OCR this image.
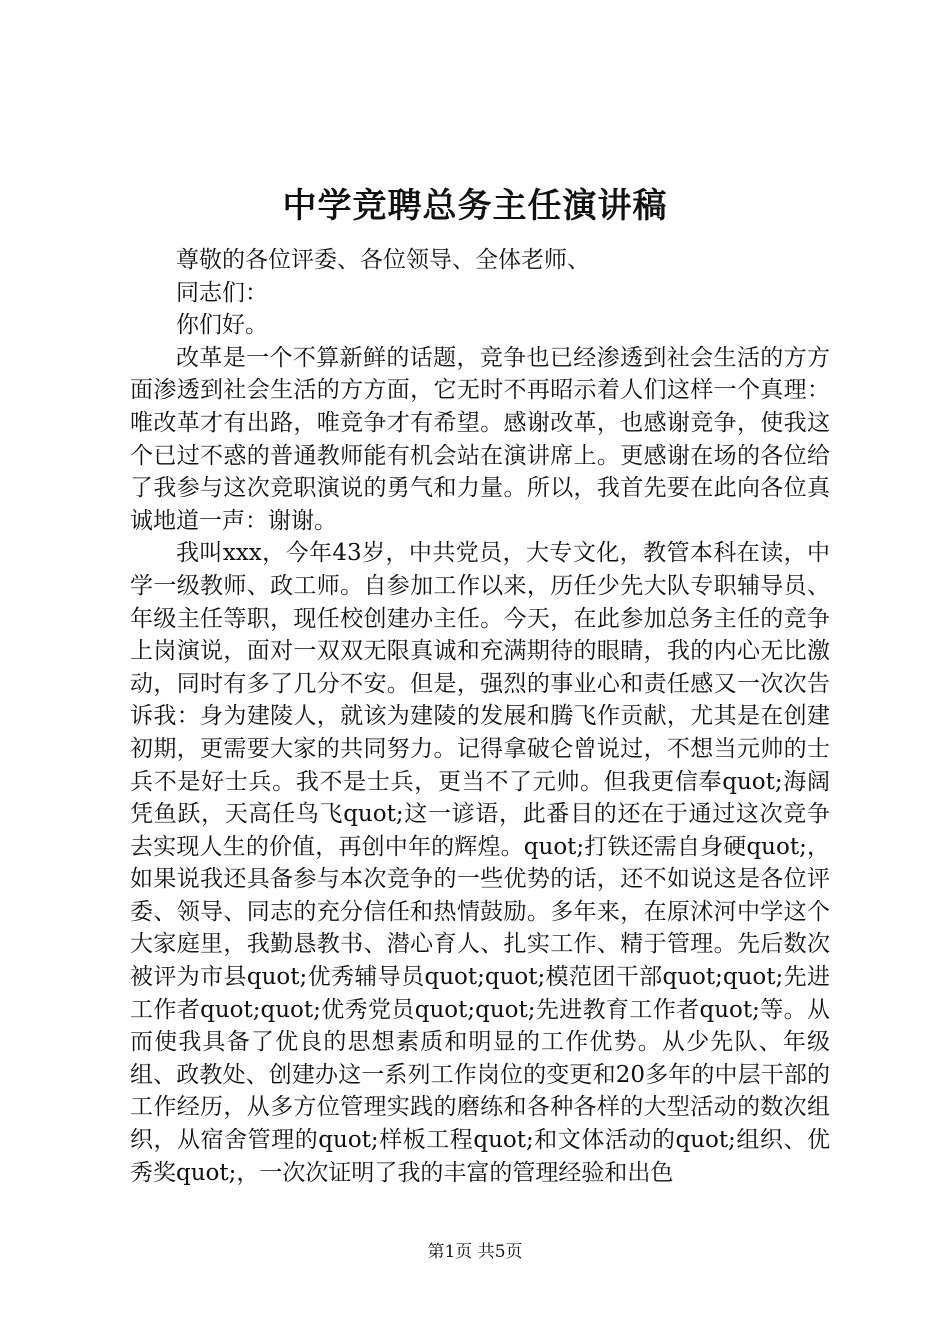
中学竞聘总务主任演讲稿

尊敬的各位评委、各位领导、全体老师、

同志们：

你们好。

改革是一个不算新鲜的话题，竞争也已经渗透到社会生活的方方面渗透到社会生活的方方面，它无时不再昭示着人们这样一个真理：唯改革才有出路，唯竞争才有希望。感谢改革，也感谢竞争，使我这个已过不惑的普通教师能有机会站在演讲席上。更感谢在场的各位给了我参与这次竞职演说的勇气和力量。所以，我首先要在此向各位真诚地道一声：谢谢。

我叫xxx，今年43岁，中共党员，大专文化，教管本科在读，中学一级教师、政工师。自参加工作以来，历任少先大队专职辅导员、年级主任等职，现任校创建办主任。今天，在此参加总务主任的竞争上岗演说，面对一双双无限真诚和充满期待的眼睛，我的内心无比激动，同时有多了几分不安。但是，强烈的事业心和责任感又一次次告诉我：身为建陵人，就该为建陵的发展和腾飞作贡献，尤其是在创建初期，更需要大家的共同努力。记得拿破仑曾说过，不想当元帅的士兵不是好士兵。我不是士兵，更当不了元帅。但我更信奉quot;海阔凭鱼跃，天高任鸟飞quot;这一谚语，此番目的还在于通过这次竞争去实现人生的价值，再创中年的辉煌。quot;打铁还需自身硬quot;，如果说我还具备参与本次竞争的一些优势的话，还不如说这是各位评委、领导、同志的充分信任和热情鼓励。多年来，在原沭河中学这个大家庭里，我勤恳教书、潜心育人、扎实工作、精于管理。先后数次被评为市县quot;优秀辅导员quot;quot;模范团干部quot;quot;先进工作者quot;quot;优秀党员quot;quot;先进教育工作者quot;等。从而使我具备了优良的思想素质和明显的工作优势。从少先队、年级组、政教处、创建办这一系列工作岗位的变更和20多年的中层干部的工作经历，从多方位管理实践的磨练和各种各样的大型活动的数次组织，从宿舍管理的quot;样板工程quot;和文体活动的quot;组织、优秀奖quot;，一次次证明了我的丰富的管理经验和出色

第1页 共5页
